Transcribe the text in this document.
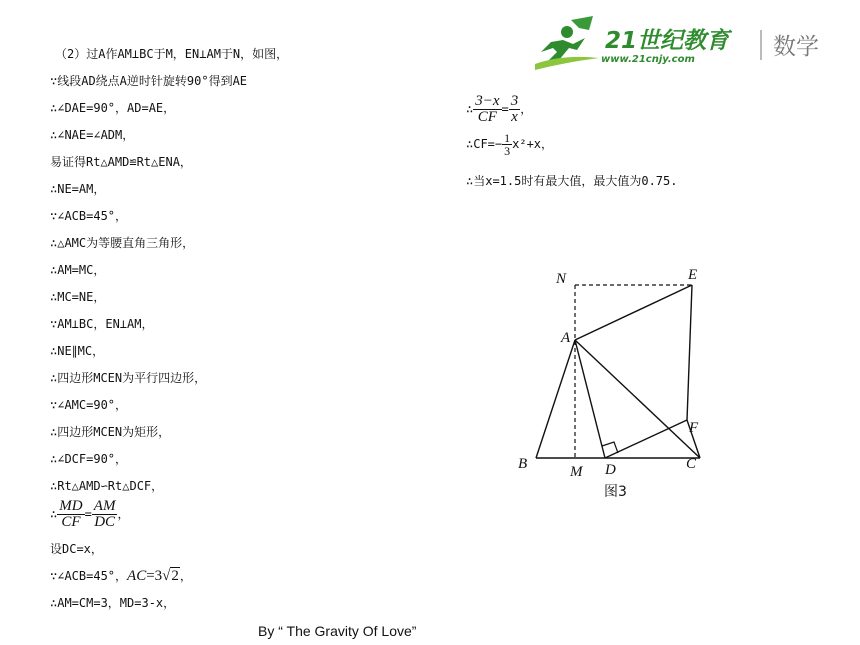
21世纪教育
www.21cnjy.com	数学
（2）过A作AM⊥BC于M，EN⊥AM于N，如图，
∵线段AD绕点A逆时针旋转90°得到AE
∴∠DAE=90°，AD=AE，
∴∠NAE=∠ADM，
易证得Rt△AMD≌Rt△ENA，
∴NE=AM，
∵∠ACB=45°，
∴△AMC为等腰直角三角形，
∴AM=MC，
∴MC=NE，
∵AM⊥BC，EN⊥AM，
∴NE∥MC，
∴四边形MCEN为平行四边形，
∵∠AMC=90°，
∴四边形MCEN为矩形，
∴∠DCF=90°，
∴Rt△AMD∽Rt△DCF，
∴ $\frac{MD}{CF} = \frac{AM}{DC}$ ，
设DC=x，
∵∠ACB=45°，AC=3√2，
∴AM=CM=3，MD=3-x，
∴ $\frac{3-x}{CF} = \frac{3}{x}$ ，
∴CF=− $\frac{1}{3} x^2+x$，
∴当x=1.5时有最大值，最大值为0.75.
N	E
A
F
B	M D	C
图3
By “ The Gravity Of Love”
